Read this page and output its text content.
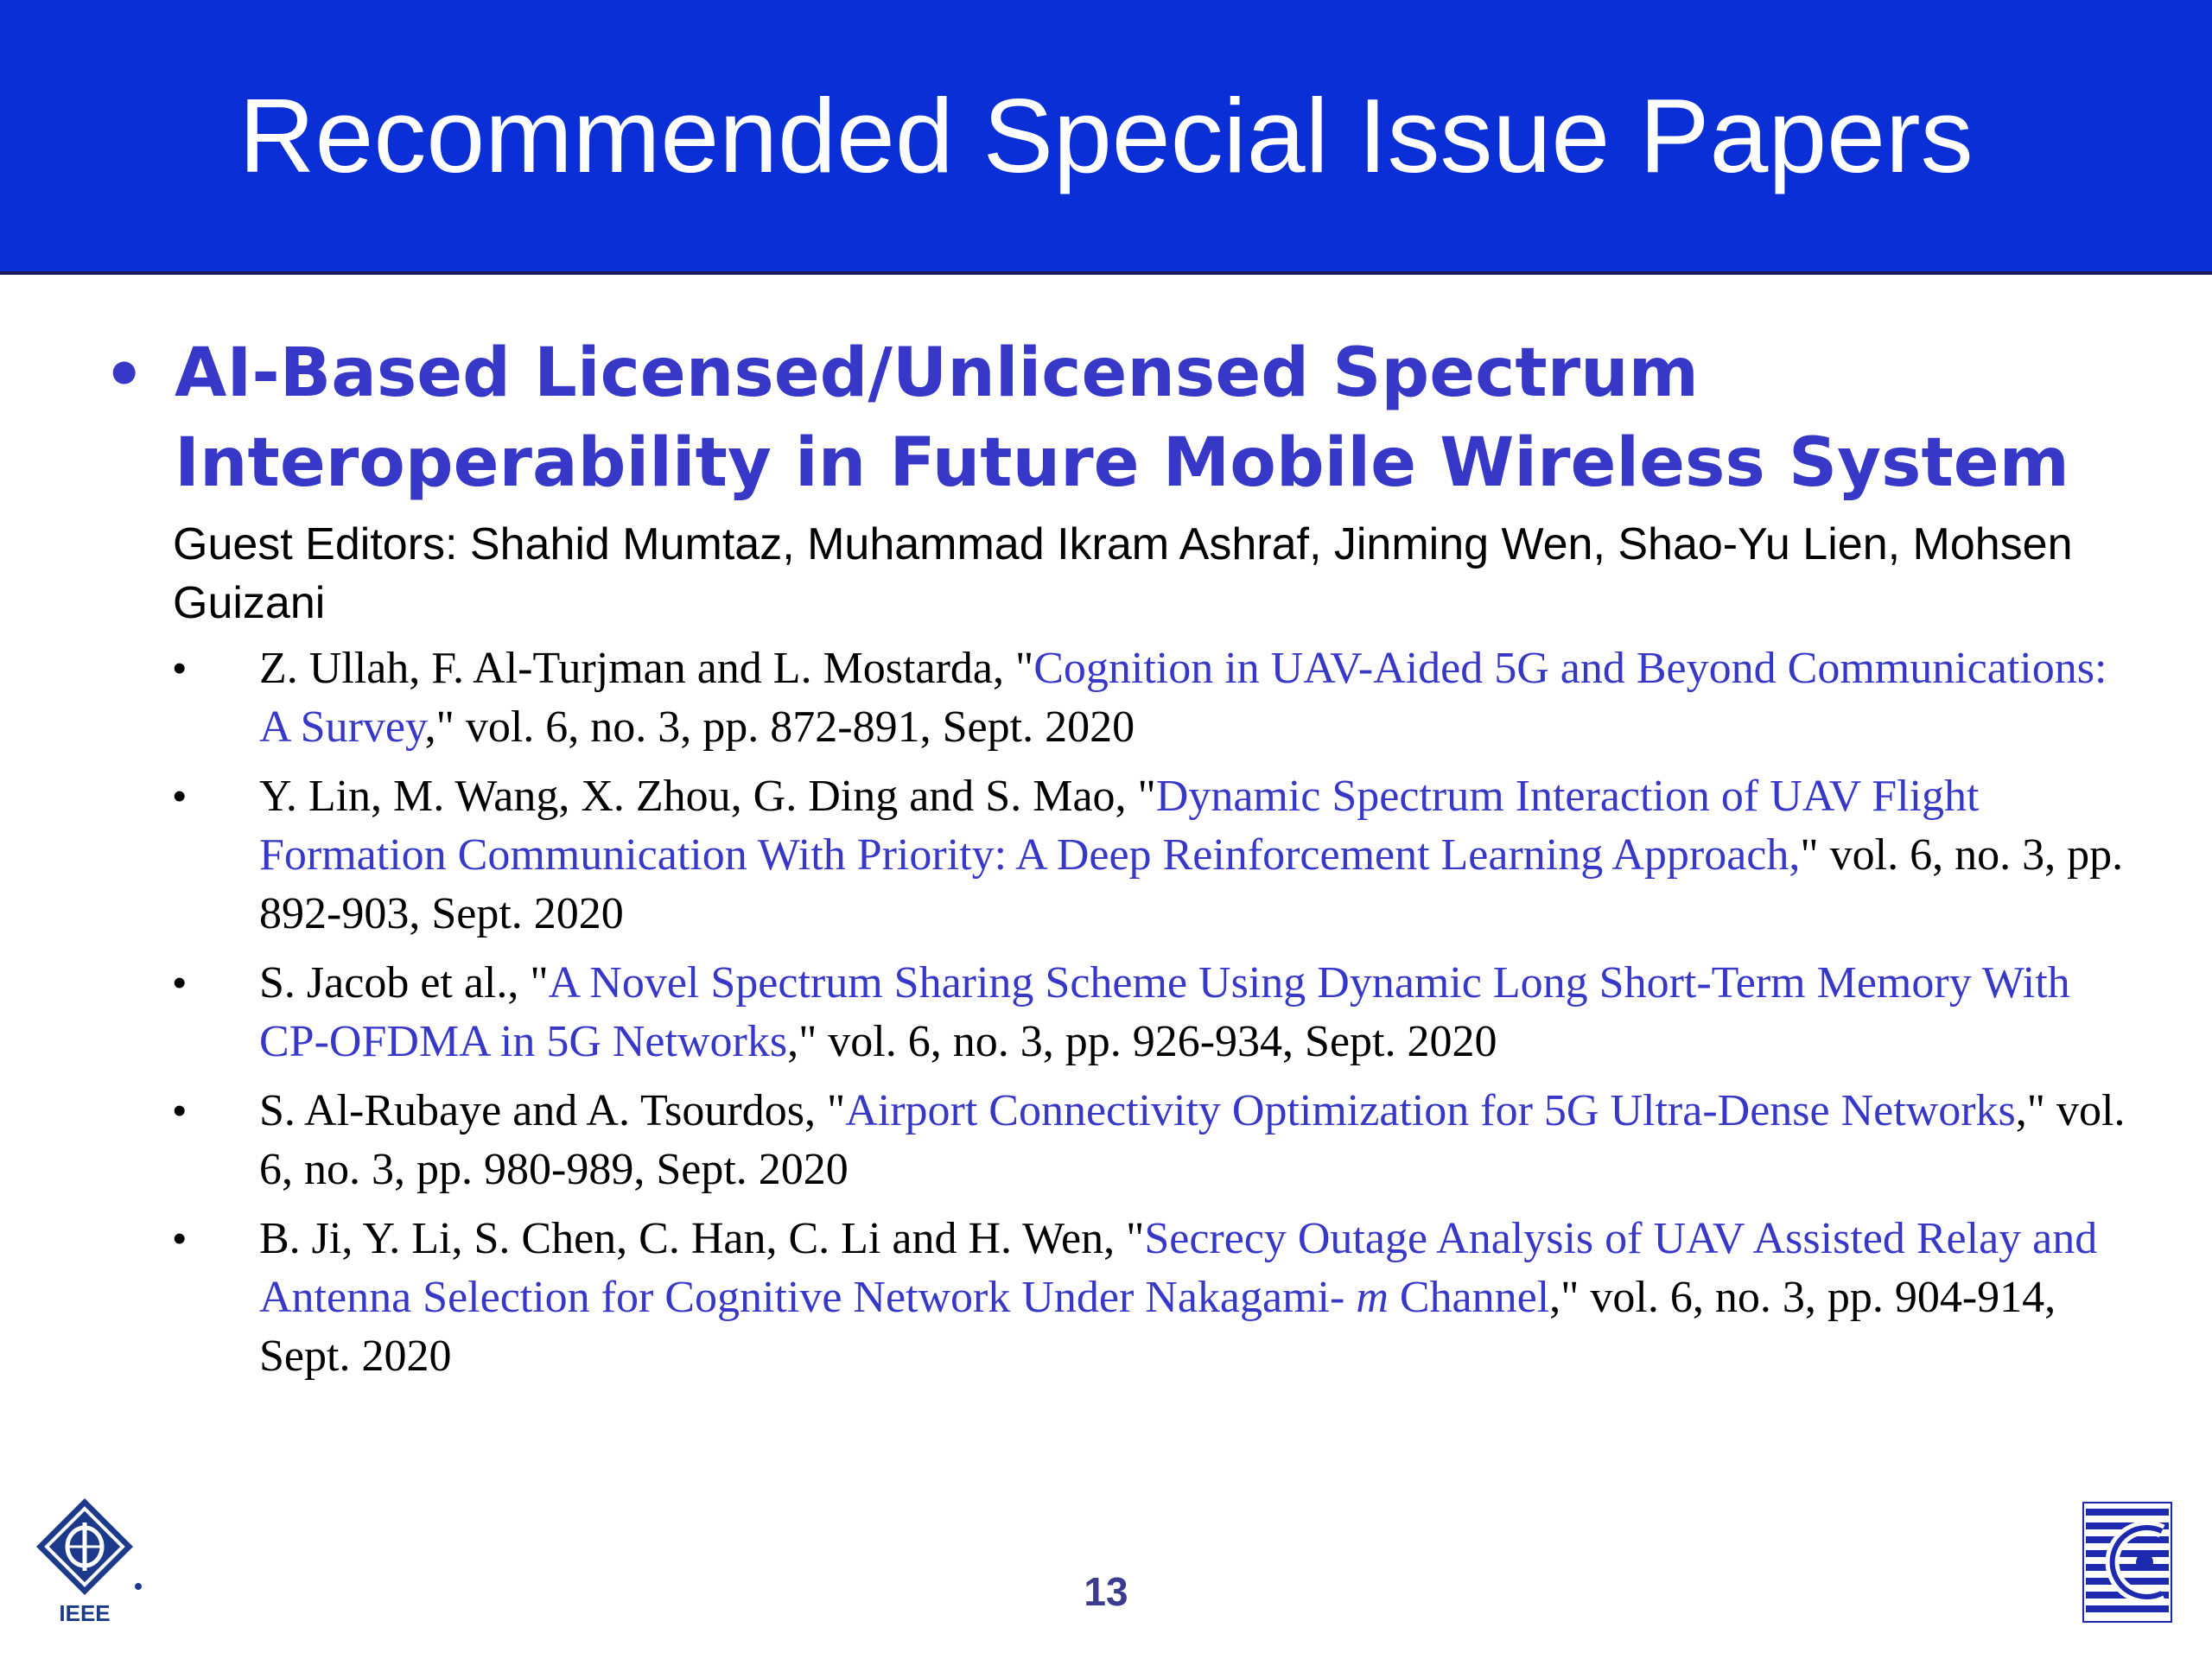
Recommended Special Issue Papers
• AI-Based Licensed/Unlicensed Spectrum
Interoperability in Future Mobile Wireless System
Guest Editors: Shahid Mumtaz, Muhammad Ikram Ashraf, Jinming Wen, Shao-Yu Lien, Mohsen Guizani
• Z. Ullah, F. Al-Turjman and L. Mostarda, "Cognition in UAV-Aided 5G and Beyond Communications: A Survey," vol. 6, no. 3, pp. 872-891, Sept. 2020
• Y. Lin, M. Wang, X. Zhou, G. Ding and S. Mao, "Dynamic Spectrum Interaction of UAV Flight Formation Communication With Priority: A Deep Reinforcement Learning Approach," vol. 6, no. 3, pp. 892-903, Sept. 2020
• S. Jacob et al., "A Novel Spectrum Sharing Scheme Using Dynamic Long Short-Term Memory With CP-OFDMA in 5G Networks," vol. 6, no. 3, pp. 926-934, Sept. 2020
• S. Al-Rubaye and A. Tsourdos, "Airport Connectivity Optimization for 5G Ultra-Dense Networks," vol. 6, no. 3, pp. 980-989, Sept. 2020
• B. Ji, Y. Li, S. Chen, C. Han, C. Li and H. Wen, "Secrecy Outage Analysis of UAV Assisted Relay and Antenna Selection for Cognitive Network Under Nakagami- m Channel," vol. 6, no. 3, pp. 904-914, Sept. 2020
IEEE	13
